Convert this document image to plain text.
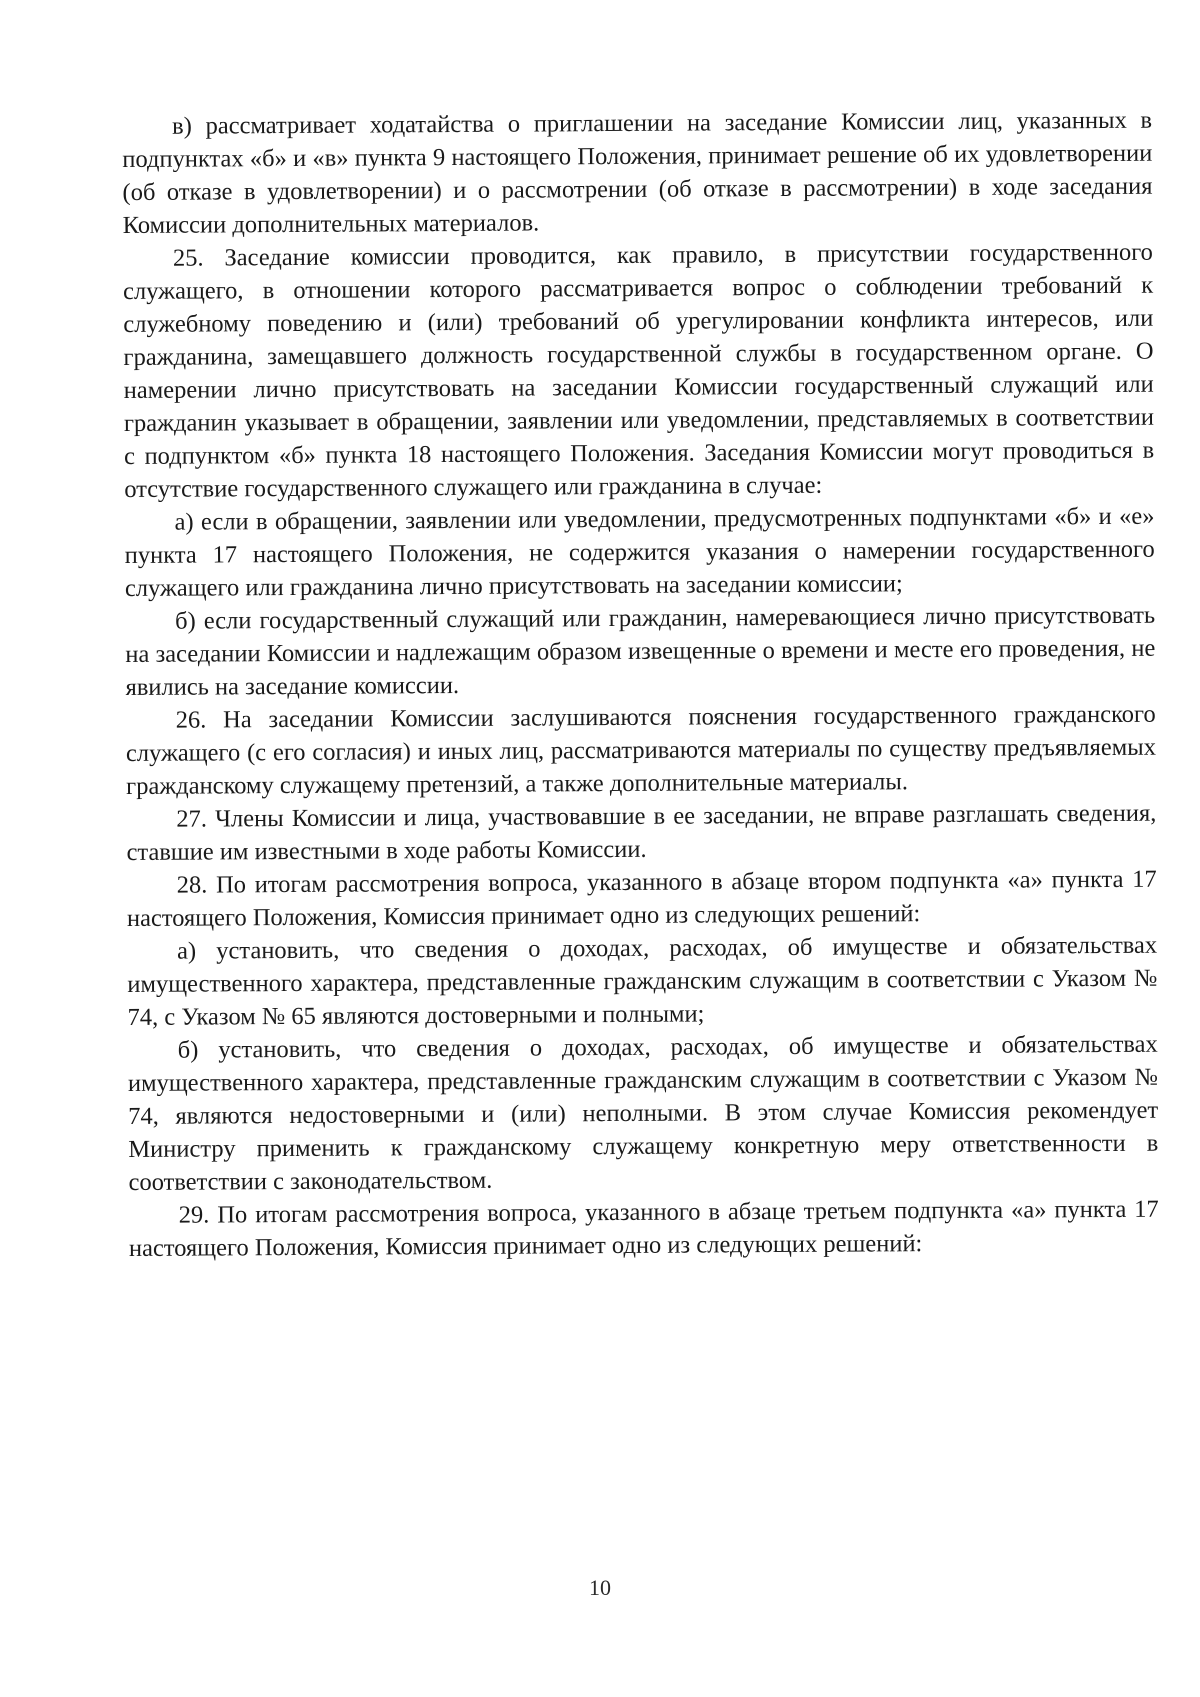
в) рассматривает ходатайства о приглашении на заседание Комиссии лиц, указанных в подпунктах «б» и «в» пункта 9 настоящего Положения, принимает решение об их удовлетворении (об отказе в удовлетворении) и о рассмотрении (об отказе в рассмотрении) в ходе заседания Комиссии дополнительных материалов.

25. Заседание комиссии проводится, как правило, в присутствии государственного служащего, в отношении которого рассматривается вопрос о соблюдении требований к служебному поведению и (или) требований об урегулировании конфликта интересов, или гражданина, замещавшего должность государственной службы в государственном органе. О намерении лично присутствовать на заседании Комиссии государственный служащий или гражданин указывает в обращении, заявлении или уведомлении, представляемых в соответствии с подпунктом «б» пункта 18 настоящего Положения. Заседания Комиссии могут проводиться в отсутствие государственного служащего или гражданина в случае:

а) если в обращении, заявлении или уведомлении, предусмотренных подпунктами «б» и «е» пункта 17 настоящего Положения, не содержится указания о намерении государственного служащего или гражданина лично присутствовать на заседании комиссии;

б) если государственный служащий или гражданин, намеревающиеся лично присутствовать на заседании Комиссии и надлежащим образом извещенные о времени и месте его проведения, не явились на заседание комиссии.

26. На заседании Комиссии заслушиваются пояснения государственного гражданского служащего (с его согласия) и иных лиц, рассматриваются материалы по существу предъявляемых гражданскому служащему претензий, а также дополнительные материалы.

27. Члены Комиссии и лица, участвовавшие в ее заседании, не вправе разглашать сведения, ставшие им известными в ходе работы Комиссии.

28. По итогам рассмотрения вопроса, указанного в абзаце втором подпункта «а» пункта 17 настоящего Положения, Комиссия принимает одно из следующих решений:

а) установить, что сведения о доходах, расходах, об имуществе и обязательствах имущественного характера, представленные гражданским служащим в соответствии с Указом № 74, с Указом № 65 являются достоверными и полными;

б) установить, что сведения о доходах, расходах, об имуществе и обязательствах имущественного характера, представленные гражданским служащим в соответствии с Указом № 74, являются недостоверными и (или) неполными. В этом случае Комиссия рекомендует Министру применить к гражданскому служащему конкретную меру ответственности в соответствии с законодательством.

29. По итогам рассмотрения вопроса, указанного в абзаце третьем подпункта «а» пункта 17 настоящего Положения, Комиссия принимает одно из следующих решений:

10
